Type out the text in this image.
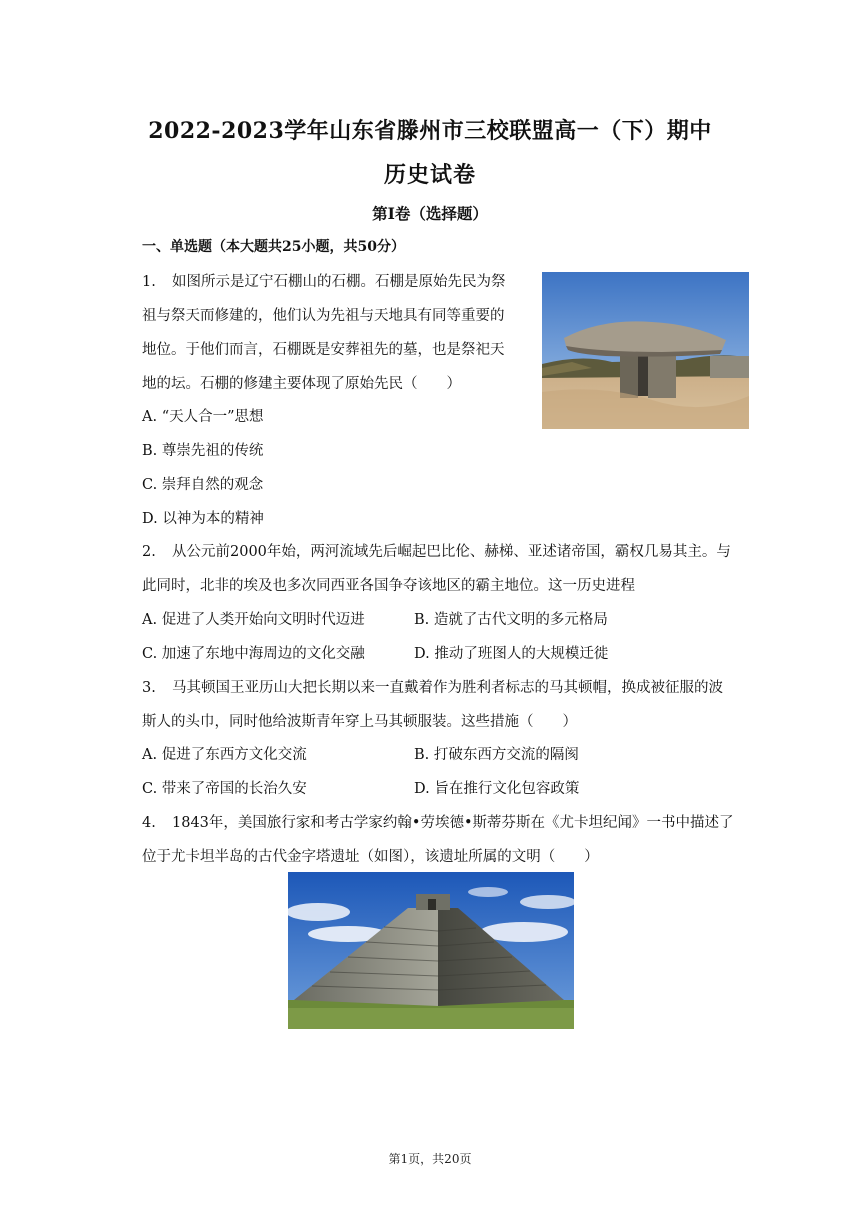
2022-2023学年山东省滕州市三校联盟高一（下）期中
历史试卷
第I卷（选择题）
一、单选题（本大题共25小题，共50分）
1. 如图所示是辽宁石棚山的石棚。石棚是原始先民为祭
祖与祭天而修建的，他们认为先祖与天地具有同等重要的
地位。于他们而言，石棚既是安葬祖先的墓，也是祭祀天
地的坛。石棚的修建主要体现了原始先民（　　）
A. “天人合一”思想
B. 尊崇先祖的传统
C. 崇拜自然的观念
D. 以神为本的精神
2. 从公元前2000年始，两河流域先后崛起巴比伦、赫梯、亚述诸帝国，霸权几易其主。与
此同时，北非的埃及也多次同西亚各国争夺该地区的霸主地位。这一历史进程
A. 促进了人类开始向文明时代迈进	B. 造就了古代文明的多元格局
C. 加速了东地中海周边的文化交融	D. 推动了班图人的大规模迁徙
3. 马其顿国王亚历山大把长期以来一直戴着作为胜利者标志的马其顿帽，换成被征服的波
斯人的头巾，同时他给波斯青年穿上马其顿服装。这些措施（　　）
A. 促进了东西方文化交流	B. 打破东西方交流的隔阂
C. 带来了帝国的长治久安	D. 旨在推行文化包容政策
4. 1843年，美国旅行家和考古学家约翰•劳埃德•斯蒂芬斯在《尤卡坦纪闻》一书中描述了
位于尤卡坦半岛的古代金字塔遗址（如图），该遗址所属的文明（　　）
第1页，共20页
